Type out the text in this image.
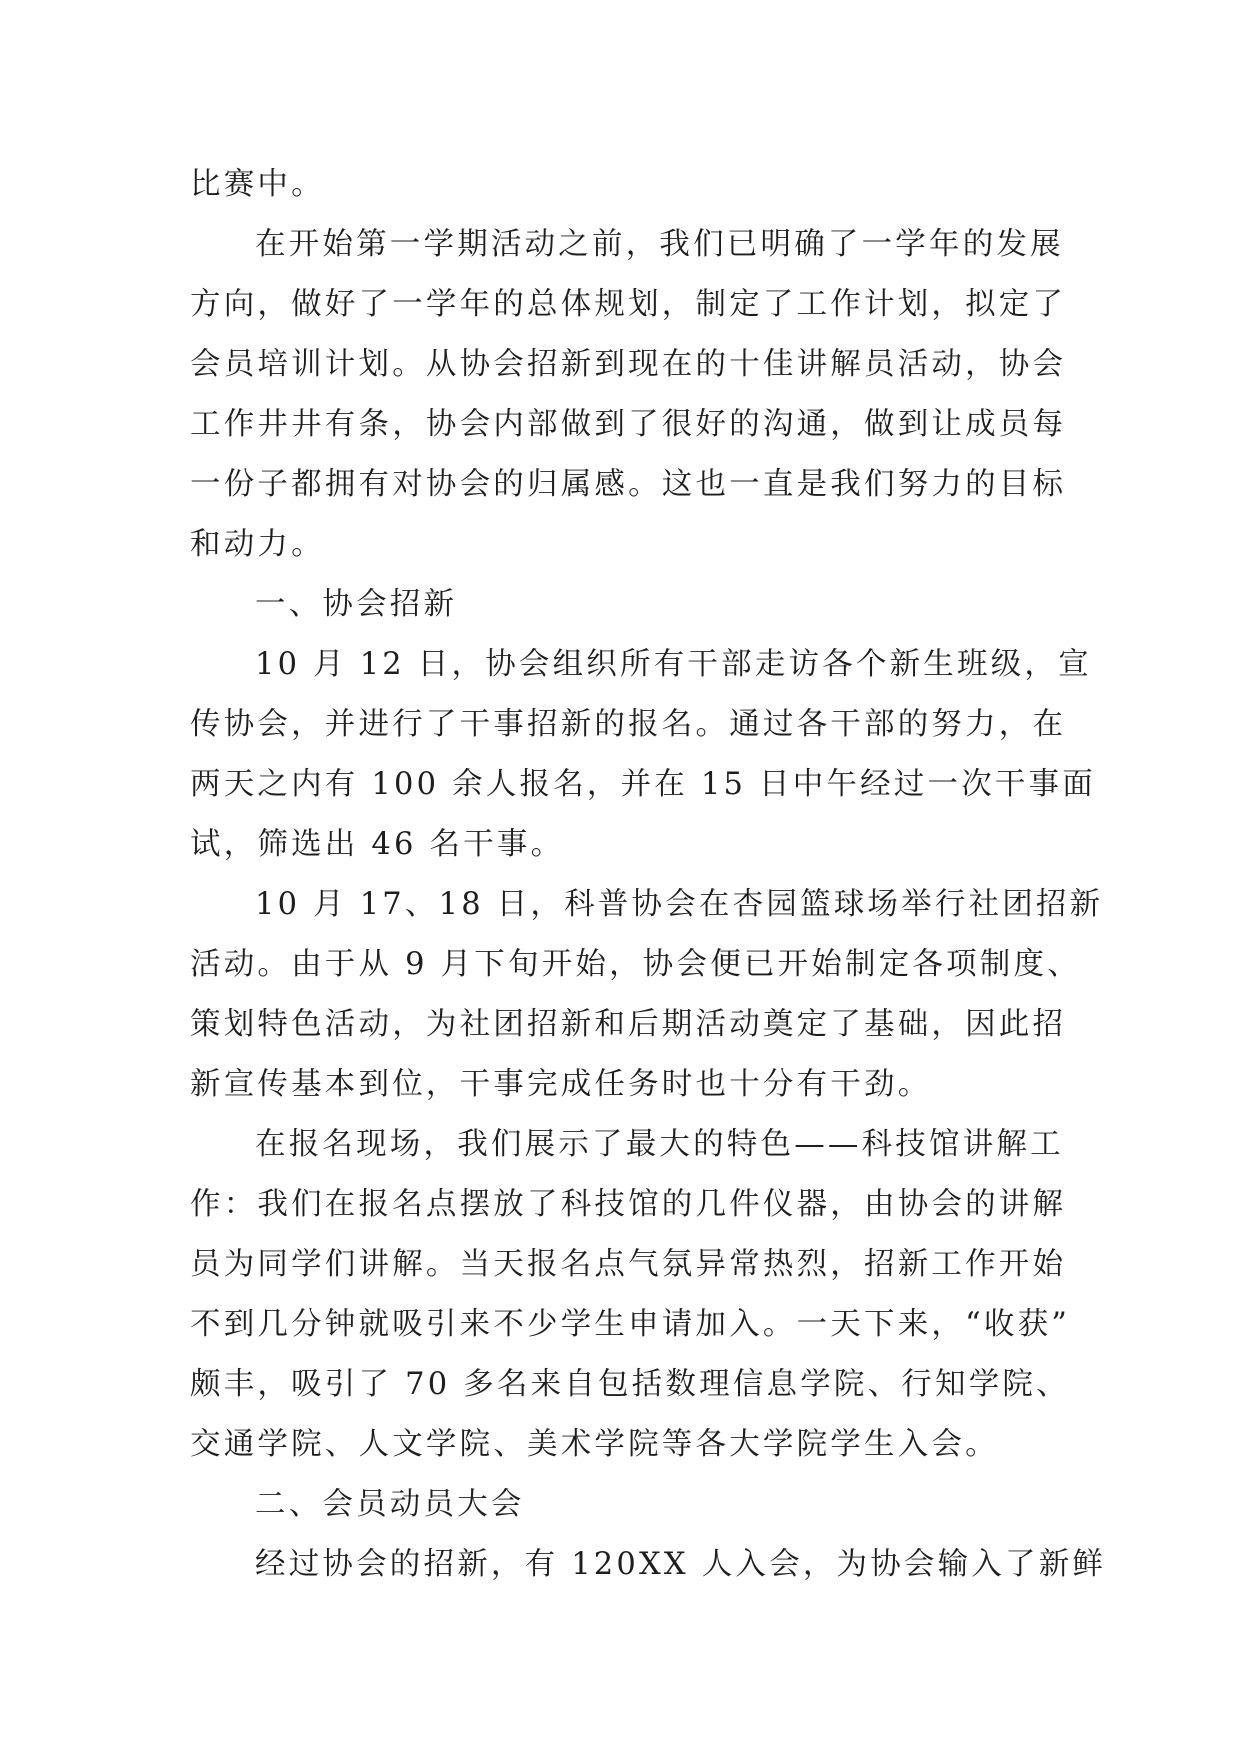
比赛中。
在开始第一学期活动之前，我们已明确了一学年的发展
方向，做好了一学年的总体规划，制定了工作计划，拟定了
会员培训计划。从协会招新到现在的十佳讲解员活动，协会
工作井井有条，协会内部做到了很好的沟通，做到让成员每
一份子都拥有对协会的归属感。这也一直是我们努力的目标
和动力。
一、协会招新
10 月 12 日，协会组织所有干部走访各个新生班级，宣
传协会，并进行了干事招新的报名。通过各干部的努力，在
两天之内有 100 余人报名，并在 15 日中午经过一次干事面
试，筛选出 46 名干事。
10 月 17、18 日，科普协会在杏园篮球场举行社团招新
活动。由于从 9 月下旬开始，协会便已开始制定各项制度、
策划特色活动，为社团招新和后期活动奠定了基础，因此招
新宣传基本到位，干事完成任务时也十分有干劲。
在报名现场，我们展示了最大的特色——科技馆讲解工
作：我们在报名点摆放了科技馆的几件仪器，由协会的讲解
员为同学们讲解。当天报名点气氛异常热烈，招新工作开始
不到几分钟就吸引来不少学生申请加入。一天下来，“收获”
颇丰，吸引了 70 多名来自包括数理信息学院、行知学院、
交通学院、人文学院、美术学院等各大学院学生入会。
二、会员动员大会
经过协会的招新，有 120XX 人入会，为协会输入了新鲜
